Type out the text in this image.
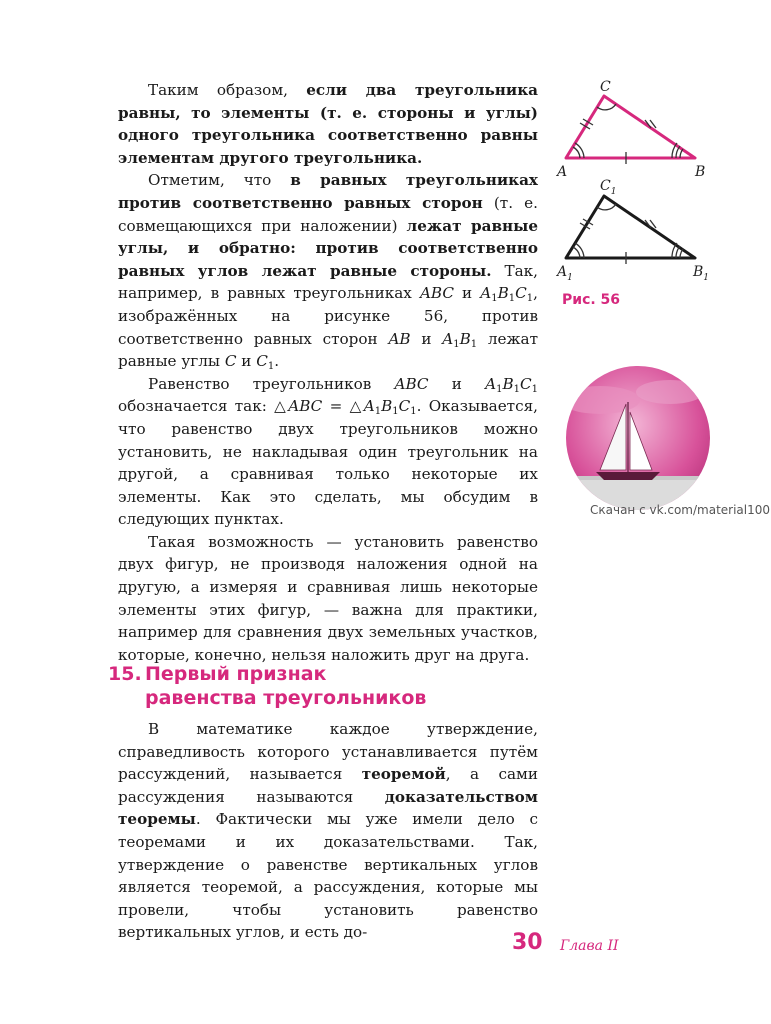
Таким образом, если два треугольника равны, то элементы (т. е. стороны и углы) одного треугольника соответственно равны элементам другого треугольника.

Отметим, что в равных треугольниках против соответственно равных сторон (т. е. совмещающихся при наложении) лежат равные углы, и обратно: против соответственно равных углов лежат равные стороны. Так, например, в равных треугольниках ABC и $A_1B_1C_1$, изображённых на рисунке 56, против соответственно равных сторон AB и $A_1B_1$ лежат равные углы C и $C_1$.

Равенство треугольников ABC и $A_1B_1C_1$ обозначается так: △ABC = $\triangle A_1B_1C_1$. Оказывается, что равенство двух треугольников можно установить, не накладывая один треугольник на другой, а сравнивая только некоторые их элементы. Как это сделать, мы обсудим в следующих пунктах.

Такая возможность — установить равенство двух фигур, не производя наложения одной на другую, а измеряя и сравнивая лишь некоторые элементы этих фигур, — важна для практики, например для сравнения двух земельных участков, которые, конечно, нельзя наложить друг на друга.

15. Первый признак
равенства треугольников

В математике каждое утверждение, справедливость которого устанавливается путём рассуждений, называется теоремой, а сами рассуждения называются доказательством теоремы. Фактически мы уже имели дело с теоремами и их доказательствами. Так, утверждение о равенстве вертикальных углов является теоремой, а рассуждения, которые мы провели, чтобы установить равенство вертикальных углов, и есть до-

A	B
C
$A_1$	$B_1$
$C_1$
Рис. 56
Скачан с vk.com/material100
30 Глава II
